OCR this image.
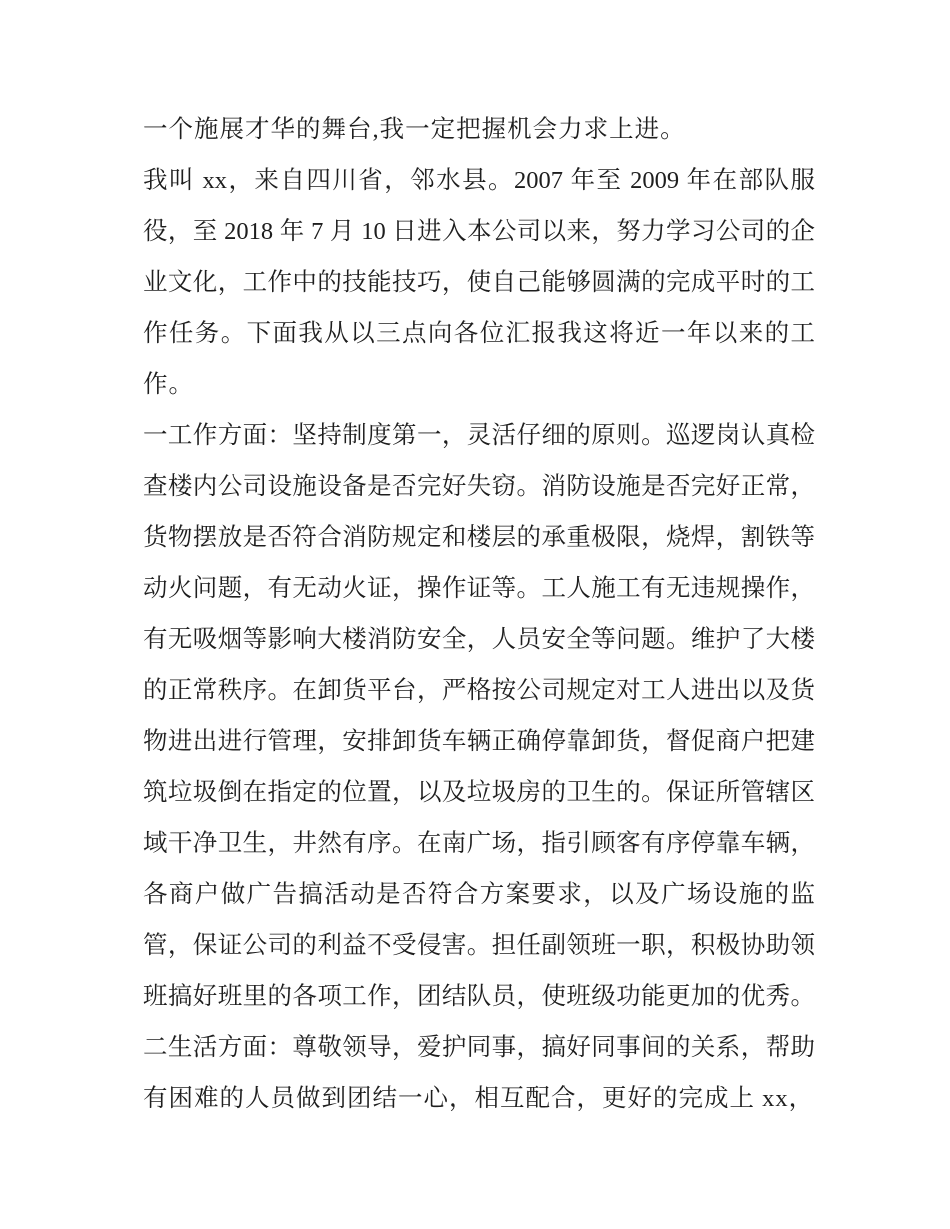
一个施展才华的舞台,我一定把握机会力求上进。
我叫 xx，来自四川省，邻水县。2007 年至 2009 年在部队服
役，至 2018 年 7 月 10 日进入本公司以来，努力学习公司的企
业文化，工作中的技能技巧，使自己能够圆满的完成平时的工
作任务。下面我从以三点向各位汇报我这将近一年以来的工
作。
一工作方面：坚持制度第一，灵活仔细的原则。巡逻岗认真检
查楼内公司设施设备是否完好失窃。消防设施是否完好正常，
货物摆放是否符合消防规定和楼层的承重极限，烧焊，割铁等
动火问题，有无动火证，操作证等。工人施工有无违规操作，
有无吸烟等影响大楼消防安全，人员安全等问题。维护了大楼
的正常秩序。在卸货平台，严格按公司规定对工人进出以及货
物进出进行管理，安排卸货车辆正确停靠卸货，督促商户把建
筑垃圾倒在指定的位置，以及垃圾房的卫生的。保证所管辖区
域干净卫生，井然有序。在南广场，指引顾客有序停靠车辆，
各商户做广告搞活动是否符合方案要求，以及广场设施的监
管，保证公司的利益不受侵害。担任副领班一职，积极协助领
班搞好班里的各项工作，团结队员，使班级功能更加的优秀。
二生活方面：尊敬领导，爱护同事，搞好同事间的关系，帮助
有困难的人员做到团结一心，相互配合，更好的完成上 xx，
